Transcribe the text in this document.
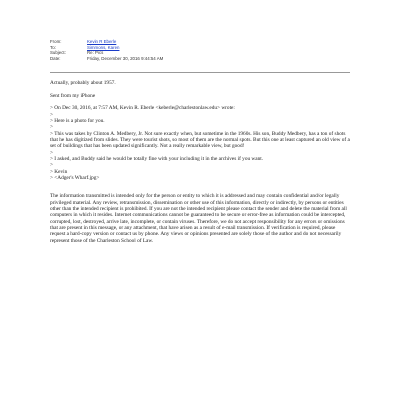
From:	Kevin R Eberle
To:	Simmons, Karen
Subject:	Re: Pics
Date:	Friday, December 30, 2016 9:44:54 AM

Actually, probably about 1957.

Sent from my iPhone

> On Dec 30, 2016, at 7:57 AM, Kevin R. Eberle <keberle@charlestonlaw.edu> wrote:

>

> Here is a photo for you.

>

> This was takes by Clinton A. Medbery, Jr. Not sure exactly when, but sometime in the 1960s. His son, Buddy Medbery, has a ton of shots that he has digitized from slides. They were tourist shots, so most of them are the normal spots. But this one at least captured an old view of a set of buildings that has been updated significantly. Not a really remarkable view, but good!

>

> I asked, and Buddy said he would be totally fine with your including it in the archives if you want.

>

> Kevin

> <Adger's Wharf.jpg>

The information transmitted is intended only for the person or entity to which it is addressed and may contain confidential and/or legally privileged material. Any review, retransmission, dissemination or other use of this information, directly or indirectly, by persons or entities other than the intended recipient is prohibited. If you are not the intended recipient please contact the sender and delete the material from all computers in which it resides. Internet communications cannot be guaranteed to be secure or error-free as information could be intercepted, corrupted, lost, destroyed, arrive late, incomplete, or contain viruses. Therefore, we do not accept responsibility for any errors or omissions that are present in this message, or any attachment, that have arisen as a result of e-mail transmission. If verification is required, please request a hard-copy version or contact us by phone. Any views or opinions presented are solely those of the author and do not necessarily represent those of the Charleston School of Law.
